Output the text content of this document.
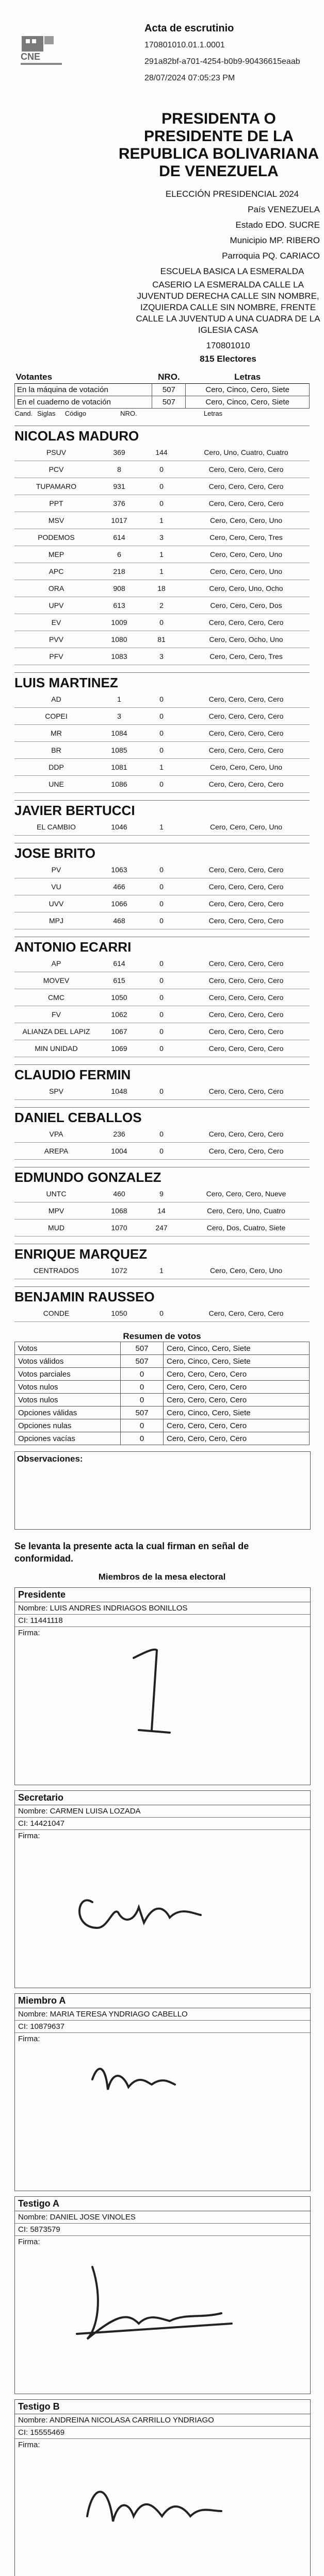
CNE
Acta de escrutinio
170801010.01.1.0001
291a82bf-a701-4254-b0b9-90436615eaab
28/07/2024 07:05:23 PM
PRESIDENTA O PRESIDENTE DE LA REPUBLICA BOLIVARIANA DE VENEZUELA
ELECCIÓN PRESIDENCIAL 2024
País VENEZUELA
Estado EDO. SUCRE
Municipio MP. RIBERO
Parroquia PQ. CARIACO
ESCUELA BASICA LA ESMERALDA
CASERIO LA ESMERALDA CALLE LA JUVENTUD DERECHA CALLE SIN NOMBRE, IZQUIERDA CALLE SIN NOMBRE, FRENTE CALLE LA JUVENTUD A UNA CUADRA DE LA IGLESIA CASA
170801010
815 Electores
Votantes	NRO.	Letras
En la máquina de votación	507	Cero, Cinco, Cero, Siete
En el cuaderno de votación	507	Cero, Cinco, Cero, Siete
Cand. Siglas Código NRO. Letras		
NICOLAS MADURO
PSUV	369	144	Cero, Uno, Cuatro, Cuatro
PCV	8	0	Cero, Cero, Cero, Cero
TUPAMARO	931	0	Cero, Cero, Cero, Cero
PPT	376	0	Cero, Cero, Cero, Cero
MSV	1017	1	Cero, Cero, Cero, Uno
PODEMOS	614	3	Cero, Cero, Cero, Tres
MEP	6	1	Cero, Cero, Cero, Uno
APC	218	1	Cero, Cero, Cero, Uno
ORA	908	18	Cero, Cero, Uno, Ocho
UPV	613	2	Cero, Cero, Cero, Dos
EV	1009	0	Cero, Cero, Cero, Cero
PVV	1080	81	Cero, Cero, Ocho, Uno
PFV	1083	3	Cero, Cero, Cero, Tres
LUIS MARTINEZ
AD	1	0	Cero, Cero, Cero, Cero
COPEI	3	0	Cero, Cero, Cero, Cero
MR	1084	0	Cero, Cero, Cero, Cero
BR	1085	0	Cero, Cero, Cero, Cero
DDP	1081	1	Cero, Cero, Cero, Uno
UNE	1086	0	Cero, Cero, Cero, Cero
JAVIER BERTUCCI
EL CAMBIO	1046	1	Cero, Cero, Cero, Uno
JOSE BRITO
PV	1063	0	Cero, Cero, Cero, Cero
VU	466	0	Cero, Cero, Cero, Cero
UVV	1066	0	Cero, Cero, Cero, Cero
MPJ	468	0	Cero, Cero, Cero, Cero
ANTONIO ECARRI
AP	614	0	Cero, Cero, Cero, Cero
MOVEV	615	0	Cero, Cero, Cero, Cero
CMC	1050	0	Cero, Cero, Cero, Cero
FV	1062	0	Cero, Cero, Cero, Cero
ALIANZA DEL LAPIZ	1067	0	Cero, Cero, Cero, Cero
MIN UNIDAD	1069	0	Cero, Cero, Cero, Cero
CLAUDIO FERMIN
SPV	1048	0	Cero, Cero, Cero, Cero
DANIEL CEBALLOS
VPA	236	0	Cero, Cero, Cero, Cero
AREPA	1004	0	Cero, Cero, Cero, Cero
EDMUNDO GONZALEZ
UNTC	460	9	Cero, Cero, Cero, Nueve
MPV	1068	14	Cero, Cero, Uno, Cuatro
MUD	1070	247	Cero, Dos, Cuatro, Siete
ENRIQUE MARQUEZ
CENTRADOS	1072	1	Cero, Cero, Cero, Uno
BENJAMIN RAUSSEO
CONDE	1050	0	Cero, Cero, Cero, Cero
Resumen de votos
Votos	507	Cero, Cinco, Cero, Siete
Votos válidos	507	Cero, Cinco, Cero, Siete
Votos parciales	0	Cero, Cero, Cero, Cero
Votos nulos	0	Cero, Cero, Cero, Cero
Votos nulos	0	Cero, Cero, Cero, Cero
Opciones válidas	507	Cero, Cinco, Cero, Siete
Opciones nulas	0	Cero, Cero, Cero, Cero
Opciones vacías	0	Cero, Cero, Cero, Cero
Observaciones:
Se levanta la presente acta la cual firman en señal de conformidad.
Miembros de la mesa electoral
Presidente
Nombre: LUIS ANDRES INDRIAGOS BONILLOS
CI: 11441118
Firma:
Secretario
Nombre: CARMEN LUISA LOZADA
CI: 14421047
Firma:
Miembro A
Nombre: MARIA TERESA YNDRIAGO CABELLO
CI: 10879637
Firma:
Testigo A
Nombre: DANIEL JOSE VINOLES
CI: 5873579
Firma:
Testigo B
Nombre: ANDREINA NICOLASA CARRILLO YNDRIAGO
CI: 15555469
Firma:
